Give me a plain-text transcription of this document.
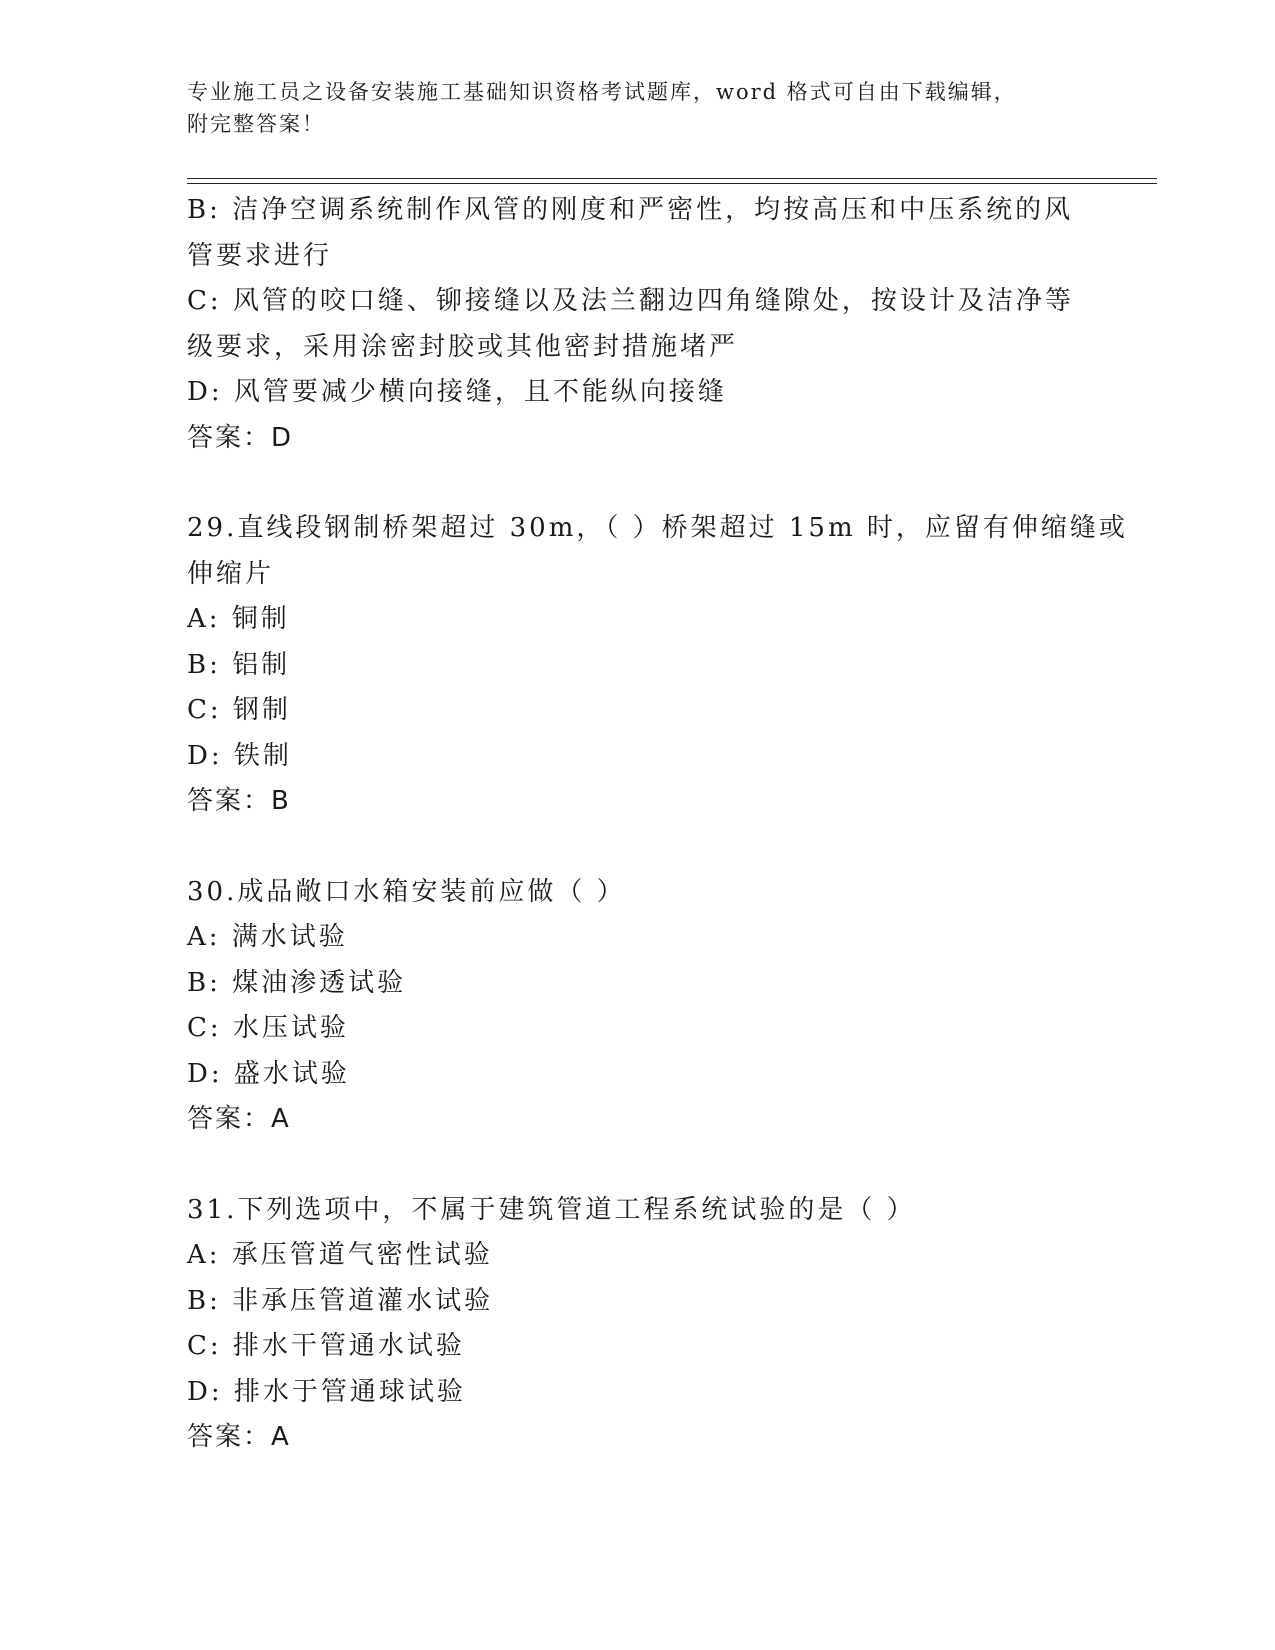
专业施工员之设备安装施工基础知识资格考试题库，word 格式可自由下载编辑，
附完整答案！
B: 洁净空调系统制作风管的刚度和严密性，均按高压和中压系统的风
管要求进行
C: 风管的咬口缝、铆接缝以及法兰翻边四角缝隙处，按设计及洁净等
级要求，采用涂密封胶或其他密封措施堵严
D: 风管要减少横向接缝，且不能纵向接缝
答案：D
29.直线段钢制桥架超过 30m，（ ）桥架超过 15m 时，应留有伸缩缝或
伸缩片
A: 铜制
B: 铝制
C: 钢制
D: 铁制
答案：B
30.成品敞口水箱安装前应做（ ）
A: 满水试验
B: 煤油渗透试验
C: 水压试验
D: 盛水试验
答案：A
31.下列选项中，不属于建筑管道工程系统试验的是（ ）
A: 承压管道气密性试验
B: 非承压管道灌水试验
C: 排水干管通水试验
D: 排水于管通球试验
答案：A
